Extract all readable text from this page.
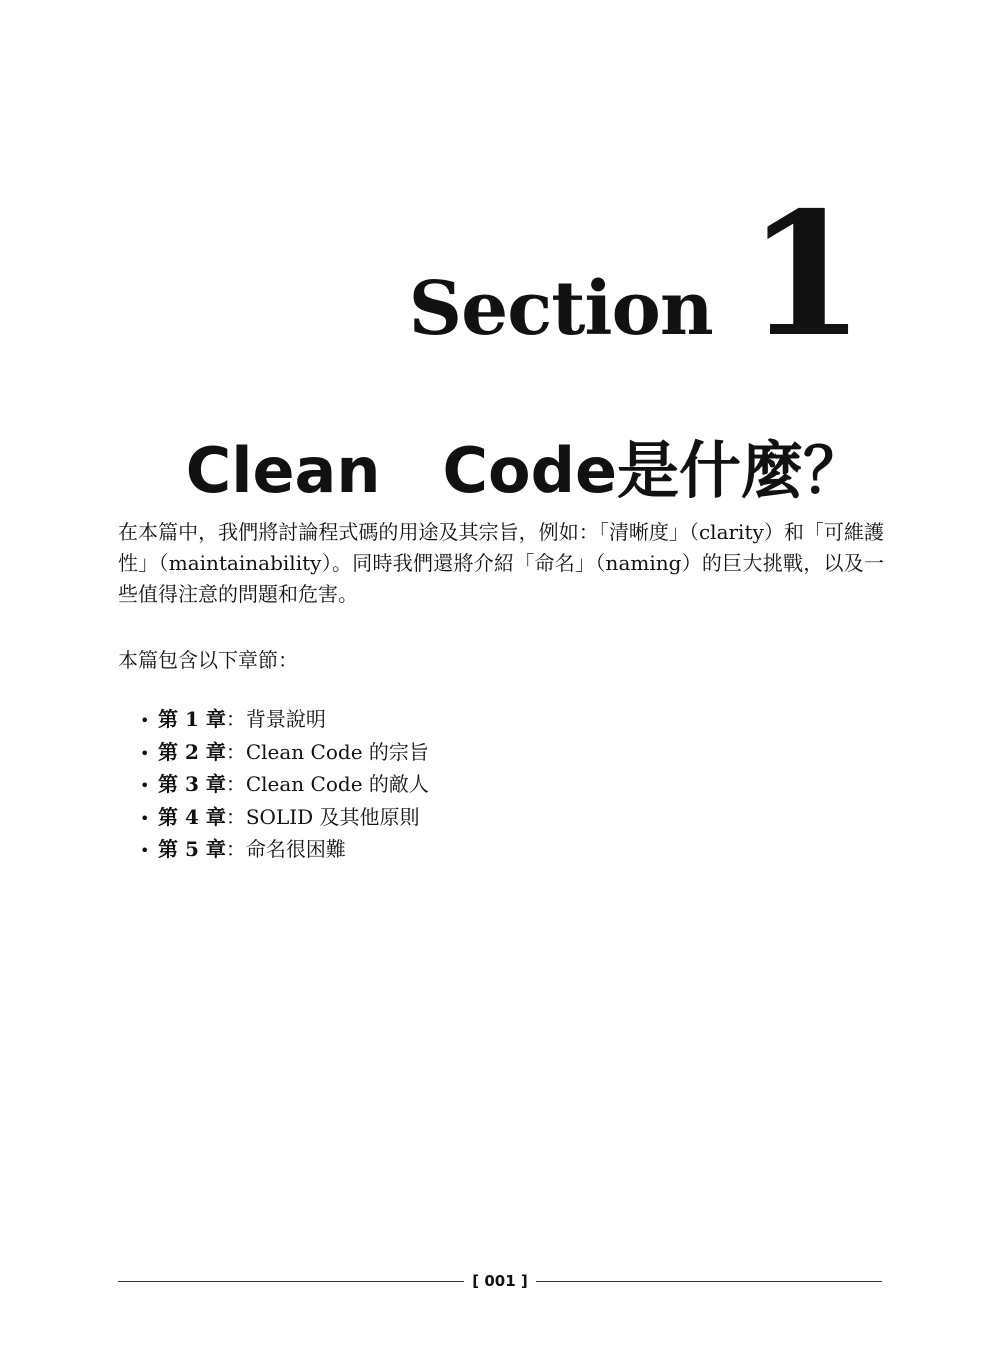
Section 1
Clean　Code是什麼？

在本篇中，我們將討論程式碼的用途及其宗旨，例如：「清晰度」（clarity）和「可維護性」（maintainability）。同時我們還將介紹「命名」（naming）的巨大挑戰，以及一些值得注意的問題和危害。

本篇包含以下章節：

• 第 1 章 ： 背景說明
• 第 2 章 ： Clean Code 的宗旨
• 第 3 章 ： Clean Code 的敵人
• 第 4 章 ： SOLID 及其他原則
• 第 5 章 ： 命名很困難
[ 001 ]
